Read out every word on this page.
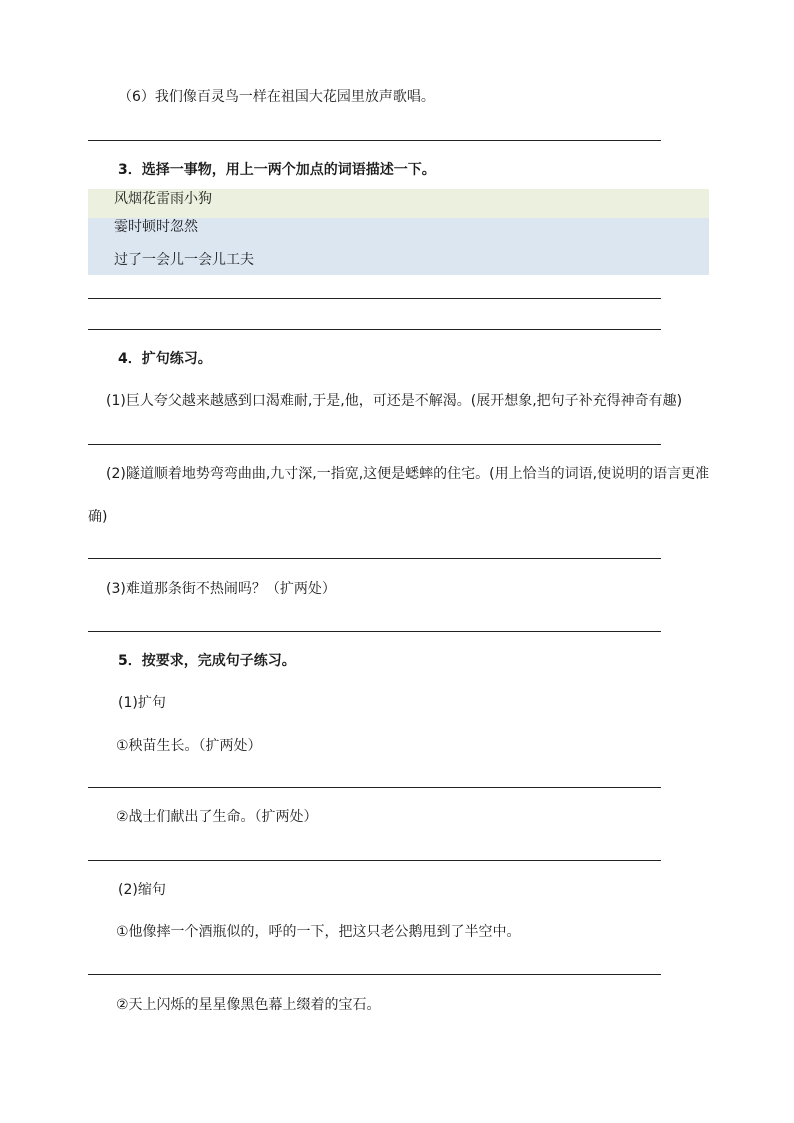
（6）我们像百灵鸟一样在祖国大花园里放声歌唱。
3．选择一事物，用上一两个加点的词语描述一下。
风烟花雷雨小狗
霎时顿时忽然
过了一会儿一会儿工夫
4．扩句练习。
(1)巨人夸父越来越感到口渴难耐,于是,他，可还是不解渴。(展开想象,把句子补充得神奇有趣)
(2)隧道顺着地势弯弯曲曲,九寸深,一指宽,这便是蟋蟀的住宅。(用上恰当的词语,使说明的语言更准
确)
(3)难道那条街不热闹吗？（扩两处）
5．按要求，完成句子练习。
(1)扩句
①秧苗生长。（扩两处）
②战士们献出了生命。（扩两处）
(2)缩句
①他像摔一个酒瓶似的，呼的一下，把这只老公鹅甩到了半空中。
②天上闪烁的星星像黑色幕上缀着的宝石。
